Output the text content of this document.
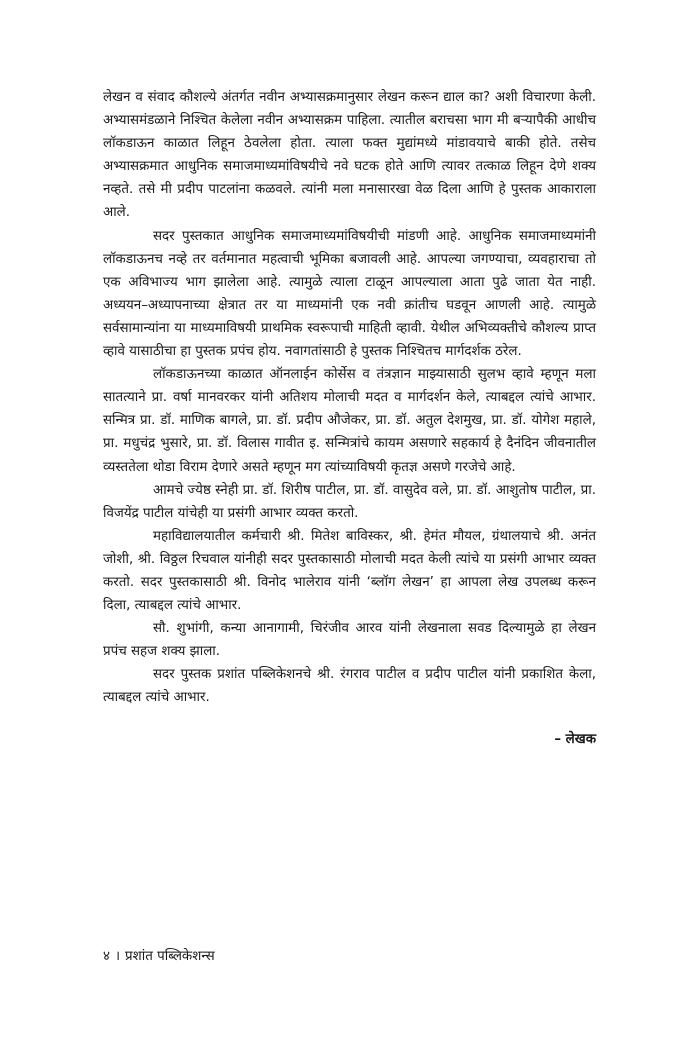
लेखन व संवाद कौशल्ये अंतर्गत नवीन अभ्यासक्रमानुसार लेखन करून द्याल का? अशी विचारणा केली. अभ्यासमंडळाने निश्चित केलेला नवीन अभ्यासक्रम पाहिला. त्यातील बराचसा भाग मी बऱ्यापैकी आधीच लॉकडाऊन काळात लिहून ठेवलेला होता. त्याला फक्त मुद्यांमध्ये मांडावयाचे बाकी होते. तसेच अभ्यासक्रमात आधुनिक समाजमाध्यमांविषयीचे नवे घटक होते आणि त्यावर तत्काळ लिहून देणे शक्य नव्हते. तसे मी प्रदीप पाटलांना कळवले. त्यांनी मला मनासारखा वेळ दिला आणि हे पुस्तक आकाराला आले.

सदर पुस्तकात आधुनिक समाजमाध्यमांविषयीची मांडणी आहे. आधुनिक समाजमाध्यमांनी लॉकडाऊनच नव्हे तर वर्तमानात महत्वाची भूमिका बजावली आहे. आपल्या जगण्याचा, व्यवहाराचा तो एक अविभाज्य भाग झालेला आहे. त्यामुळे त्याला टाळून आपल्याला आता पुढे जाता येत नाही. अध्ययन–अध्यापनाच्या क्षेत्रात तर या माध्यमांनी एक नवी क्रांतीच घडवून आणली आहे. त्यामुळे सर्वसामान्यांना या माध्यमाविषयी प्राथमिक स्वरूपाची माहिती व्हावी. येथील अभिव्यक्तीचे कौशल्य प्राप्त व्हावे यासाठीचा हा पुस्तक प्रपंच होय. नवागतांसाठी हे पुस्तक निश्चितच मार्गदर्शक ठरेल.

लॉकडाऊनच्या काळात ऑनलाईन कोर्सेस व तंत्रज्ञान माझ्यासाठी सुलभ व्हावे म्हणून मला सातत्याने प्रा. वर्षा मानवरकर यांनी अतिशय मोलाची मदत व मार्गदर्शन केले, त्याबद्दल त्यांचे आभार. सन्मित्र प्रा. डॉ. माणिक बागले, प्रा. डॉ. प्रदीप औजेकर, प्रा. डॉ. अतुल देशमुख, प्रा. डॉ. योगेश महाले, प्रा. मधुचंद्र भुसारे, प्रा. डॉ. विलास गावीत इ. सन्मित्रांचे कायम असणारे सहकार्य हे दैनंदिन जीवनातील व्यस्ततेला थोडा विराम देणारे असते म्हणून मग त्यांच्याविषयी कृतज्ञ असणे गरजेचे आहे.

आमचे ज्येष्ठ स्नेही प्रा. डॉ. शिरीष पाटील, प्रा. डॉ. वासुदेव वले, प्रा. डॉ. आशुतोष पाटील, प्रा. विजयेंद्र पाटील यांचेही या प्रसंगी आभार व्यक्त करतो.

महाविद्यालयातील कर्मचारी श्री. मितेश बाविस्कर, श्री. हेमंत मौयल, ग्रंथालयाचे श्री. अनंत जोशी, श्री. विठ्ठल रिचवाल यांनीही सदर पुस्तकासाठी मोलाची मदत केली त्यांचे या प्रसंगी आभार व्यक्त करतो. सदर पुस्तकासाठी श्री. विनोद भालेराव यांनी ‘ब्लॉग लेखन’ हा आपला लेख उपलब्ध करून दिला, त्याबद्दल त्यांचे आभार.

सौ. शुभांगी, कन्या आनागामी, चिरंजीव आरव यांनी लेखनाला सवड दिल्यामुळे हा लेखन प्रपंच सहज शक्य झाला.

सदर पुस्तक प्रशांत पब्लिकेशनचे श्री. रंगराव पाटील व प्रदीप पाटील यांनी प्रकाशित केला, त्याबद्दल त्यांचे आभार.

– लेखक
४ । प्रशांत पब्लिकेशन्स
